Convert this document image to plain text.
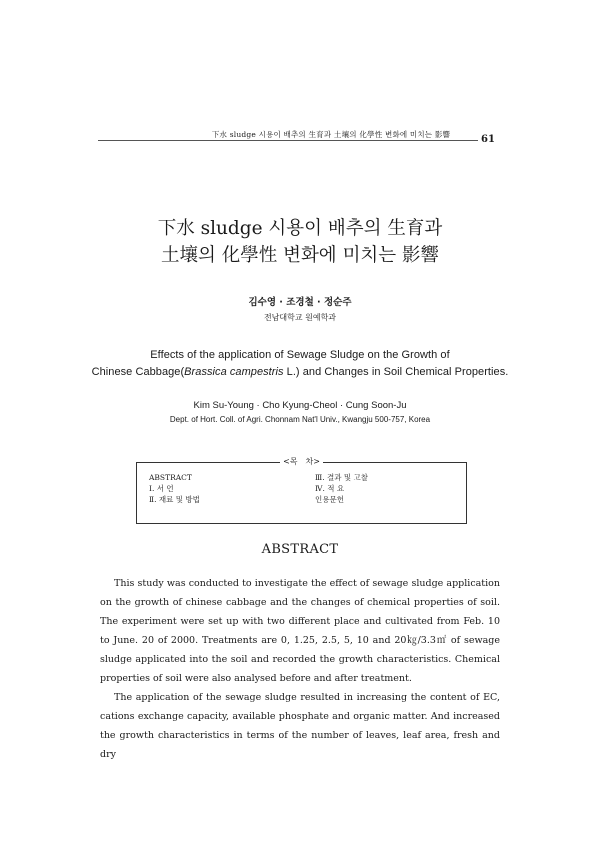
下水 sludge 시용이 배추의 生育과 土壤의 化學性 변화에 미치는 影響	61
下水 sludge 시용이 배추의 生育과
土壤의 化學性 변화에 미치는 影響
김수영 · 조경철 · 정순주
전남대학교 원예학과
Effects of the application of Sewage Sludge on the Growth of
Chinese Cabbage(Brassica campestris L.) and Changes in Soil Chemical Properties.
Kim Su-Young · Cho Kyung-Cheol · Cung Soon-Ju
Dept. of Hort. Coll. of Agri. Chonnam Nat'l Univ., Kwangju 500-757, Korea
<목　차>
ABSTRACT
Ⅰ. 서 언
Ⅱ. 재료 및 방법
Ⅲ. 결과 및 고찰
Ⅳ. 적 요
인용문헌
ABSTRACT

This study was conducted to investigate the effect of sewage sludge application on the growth of chinese cabbage and the changes of chemical properties of soil. The experiment were set up with two different place and cultivated from Feb. 10 to June. 20 of 2000. Treatments are 0, 1.25, 2.5, 5, 10 and 20㎏/3.3㎡ of sewage sludge applicated into the soil and recorded the growth characteristics. Chemical properties of soil were also analysed before and after treatment.

The application of the sewage sludge resulted in increasing the content of EC, cations exchange capacity, available phosphate and organic matter. And increased the growth characteristics in terms of the number of leaves, leaf area, fresh and dry
